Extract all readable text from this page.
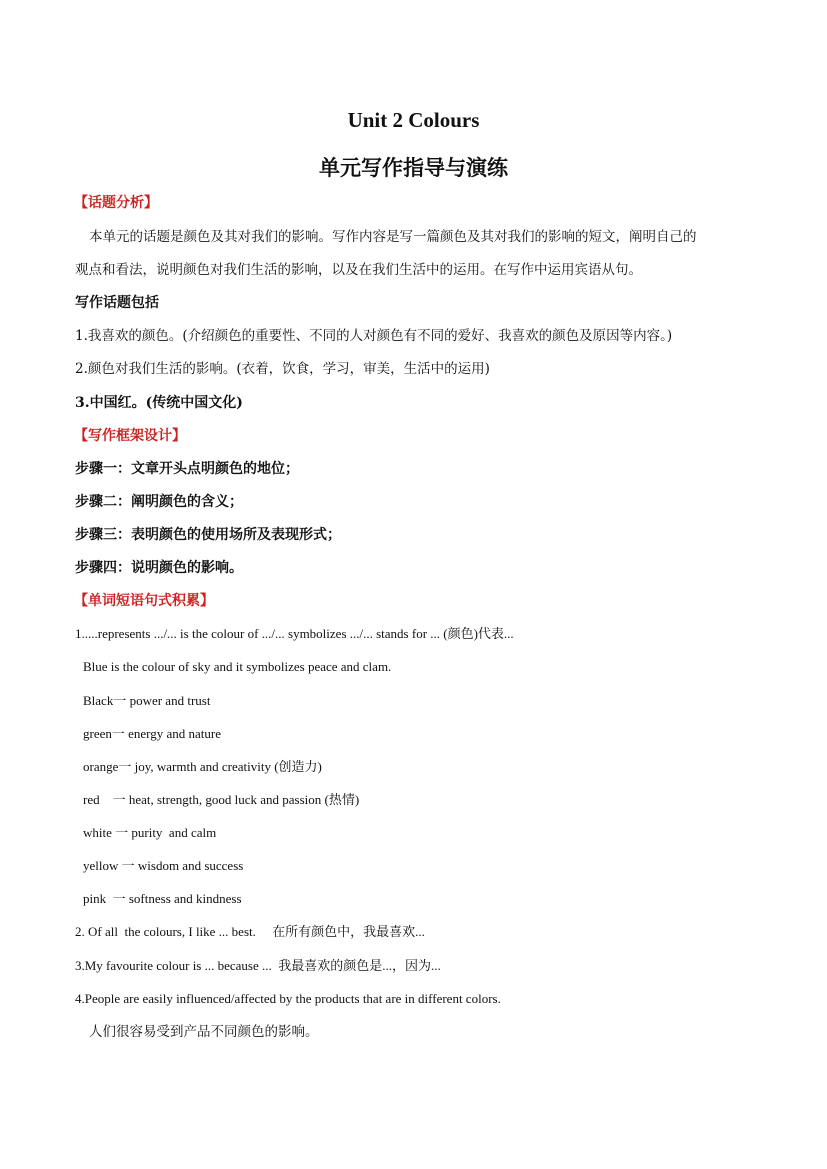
Unit 2 Colours
单元写作指导与演练
【话题分析】
本单元的话题是颜色及其对我们的影响。写作内容是写一篇颜色及其对我们的影响的短文，阐明自己的
观点和看法，说明颜色对我们生活的影响，以及在我们生活中的运用。在写作中运用宾语从句。
写作话题包括
1.我喜欢的颜色。(介绍颜色的重要性、不同的人对颜色有不同的爱好、我喜欢的颜色及原因等内容。)
2.颜色对我们生活的影响。(衣着，饮食，学习，审美，生活中的运用)
3.中国红。(传统中国文化)
【写作框架设计】
步骤一：文章开头点明颜色的地位；
步骤二：阐明颜色的含义；
步骤三：表明颜色的使用场所及表现形式；
步骤四：说明颜色的影响。
【单词短语句式积累】
1.....represents .../... is the colour of .../... symbolizes .../... stands for ... (颜色)代表...
Blue is the colour of sky and it symbolizes peace and clam.
Black一 power and trust
green一 energy and nature
orange一 joy, warmth and creativity (创造力)
red    一 heat, strength, good luck and passion (热情)
white 一 purity  and calm
yellow 一 wisdom and success
pink  一 softness and kindness
2. Of all  the colours, I like ... best.     在所有颜色中，我最喜欢...
3.My favourite colour is ... because ...  我最喜欢的颜色是...，因为...
4.People are easily influenced/affected by the products that are in different colors.
人们很容易受到产品不同颜色的影响。
